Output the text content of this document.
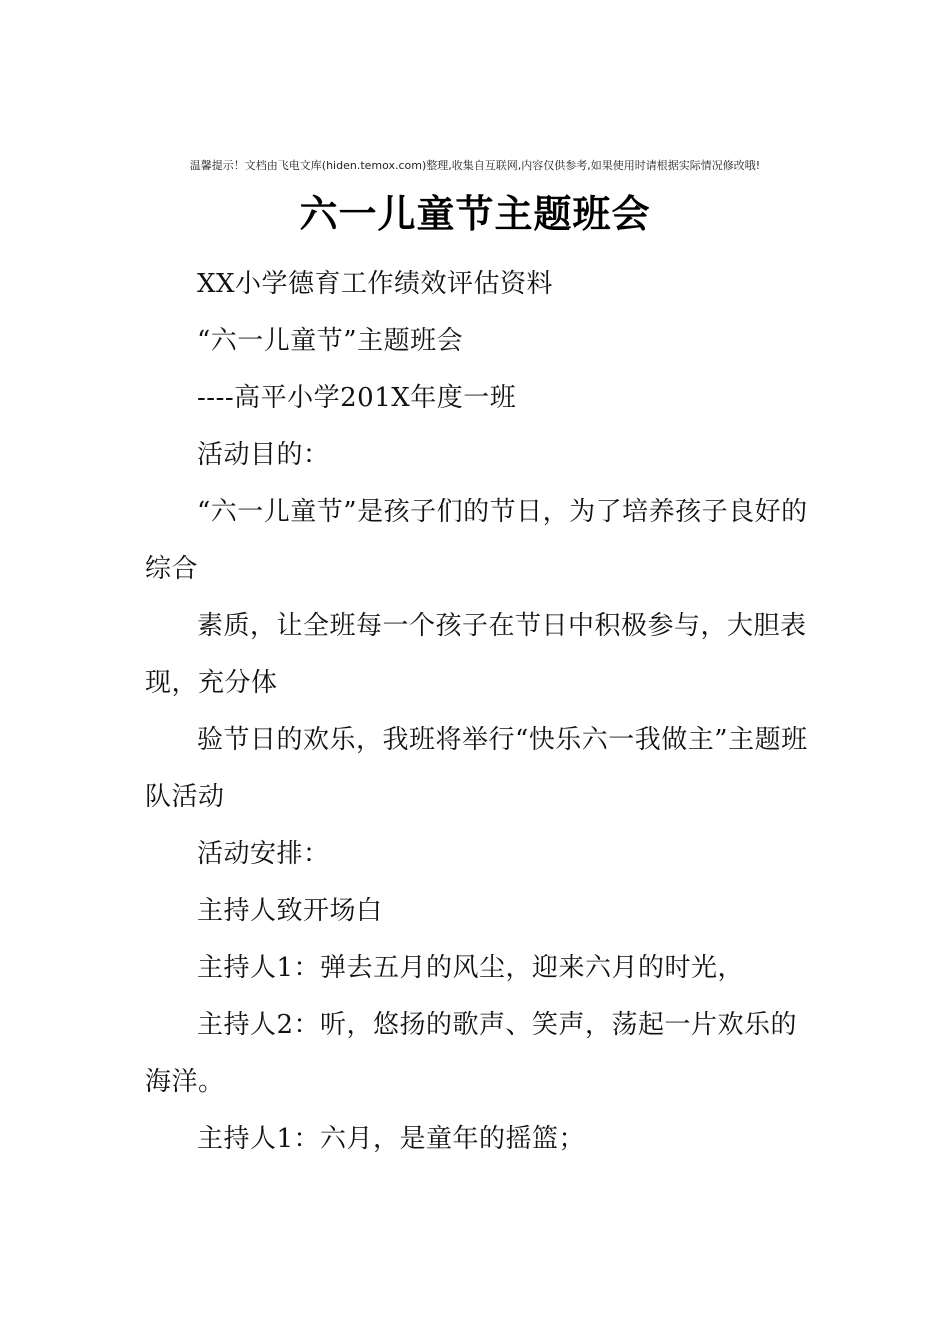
温馨提示！文档由飞电文库(hiden.temox.com)整理,收集自互联网,内容仅供参考,如果使用时请根据实际情况修改哦!
六一儿童节主题班会

XX小学德育工作绩效评估资料

“六一儿童节”主题班会

----高平小学201X年度一班

活动目的：

“六一儿童节”是孩子们的节日，为了培养孩子良好的综合

素质，让全班每一个孩子在节日中积极参与，大胆表现，充分体

验节日的欢乐，我班将举行“快乐六一我做主”主题班队活动

活动安排：

主持人致开场白

主持人1：弹去五月的风尘，迎来六月的时光，

主持人2：听，悠扬的歌声、笑声，荡起一片欢乐的海洋。

主持人1：六月，是童年的摇篮；
